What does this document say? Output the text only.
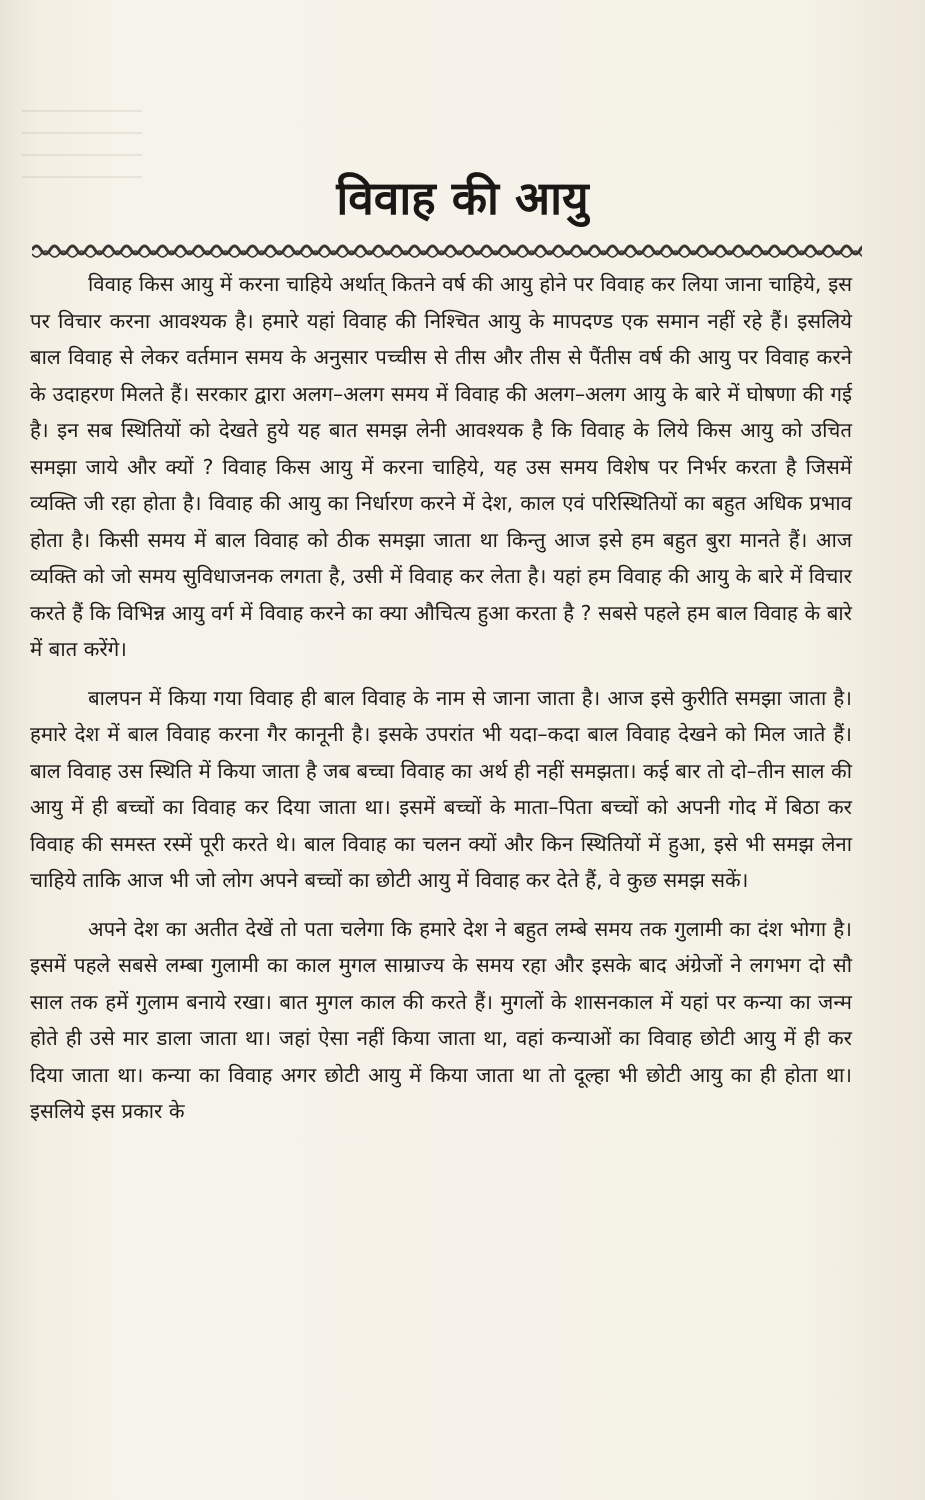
विवाह की आयु

विवाह किस आयु में करना चाहिये अर्थात् कितने वर्ष की आयु होने पर विवाह कर लिया जाना चाहिये, इस पर विचार करना आवश्यक है। हमारे यहां विवाह की निश्चित आयु के मापदण्ड एक समान नहीं रहे हैं। इसलिये बाल विवाह से लेकर वर्तमान समय के अनुसार पच्चीस से तीस और तीस से पैंतीस वर्ष की आयु पर विवाह करने के उदाहरण मिलते हैं। सरकार द्वारा अलग–अलग समय में विवाह की अलग–अलग आयु के बारे में घोषणा की गई है। इन सब स्थितियों को देखते हुये यह बात समझ लेनी आवश्यक है कि विवाह के लिये किस आयु को उचित समझा जाये और क्यों ? विवाह किस आयु में करना चाहिये, यह उस समय विशेष पर निर्भर करता है जिसमें व्यक्ति जी रहा होता है। विवाह की आयु का निर्धारण करने में देश, काल एवं परिस्थितियों का बहुत अधिक प्रभाव होता है। किसी समय में बाल विवाह को ठीक समझा जाता था किन्तु आज इसे हम बहुत बुरा मानते हैं। आज व्यक्ति को जो समय सुविधाजनक लगता है, उसी में विवाह कर लेता है। यहां हम विवाह की आयु के बारे में विचार करते हैं कि विभिन्न आयु वर्ग में विवाह करने का क्या औचित्य हुआ करता है ? सबसे पहले हम बाल विवाह के बारे में बात करेंगे।

बालपन में किया गया विवाह ही बाल विवाह के नाम से जाना जाता है। आज इसे कुरीति समझा जाता है। हमारे देश में बाल विवाह करना गैर कानूनी है। इसके उपरांत भी यदा–कदा बाल विवाह देखने को मिल जाते हैं। बाल विवाह उस स्थिति में किया जाता है जब बच्चा विवाह का अर्थ ही नहीं समझता। कई बार तो दो–तीन साल की आयु में ही बच्चों का विवाह कर दिया जाता था। इसमें बच्चों के माता–पिता बच्चों को अपनी गोद में बिठा कर विवाह की समस्त रस्में पूरी करते थे। बाल विवाह का चलन क्यों और किन स्थितियों में हुआ, इसे भी समझ लेना चाहिये ताकि आज भी जो लोग अपने बच्चों का छोटी आयु में विवाह कर देते हैं, वे कुछ समझ सकें।

अपने देश का अतीत देखें तो पता चलेगा कि हमारे देश ने बहुत लम्बे समय तक गुलामी का दंश भोगा है। इसमें पहले सबसे लम्बा गुलामी का काल मुगल साम्राज्य के समय रहा और इसके बाद अंग्रेजों ने लगभग दो सौ साल तक हमें गुलाम बनाये रखा। बात मुगल काल की करते हैं। मुगलों के शासनकाल में यहां पर कन्या का जन्म होते ही उसे मार डाला जाता था। जहां ऐसा नहीं किया जाता था, वहां कन्याओं का विवाह छोटी आयु में ही कर दिया जाता था। कन्या का विवाह अगर छोटी आयु में किया जाता था तो दूल्हा भी छोटी आयु का ही होता था। इसलिये इस प्रकार के
